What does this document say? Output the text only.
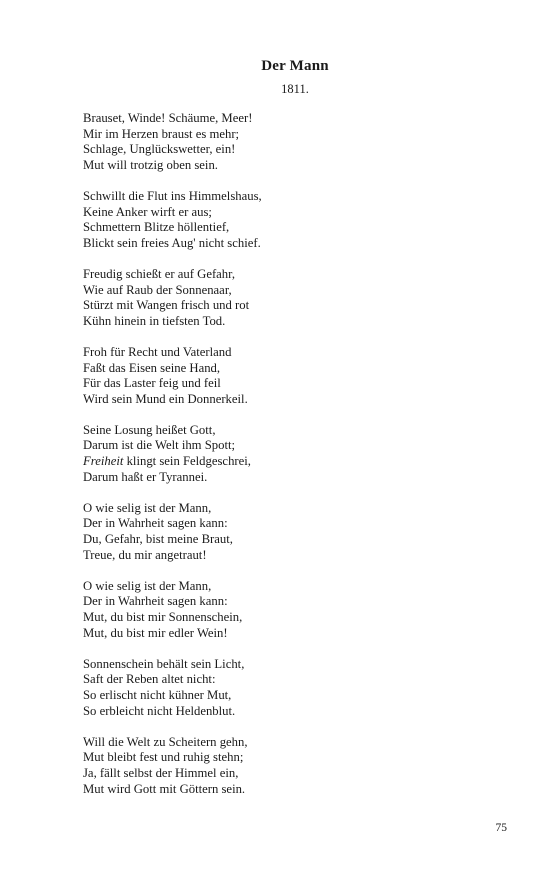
Der Mann
1811.
Brauset, Winde! Schäume, Meer!
Mir im Herzen braust es mehr;
Schlage, Unglückswetter, ein!
Mut will trotzig oben sein.
Schwillt die Flut ins Himmelshaus,
Keine Anker wirft er aus;
Schmettern Blitze höllentief,
Blickt sein freies Aug' nicht schief.
Freudig schießt er auf Gefahr,
Wie auf Raub der Sonnenaar,
Stürzt mit Wangen frisch und rot
Kühn hinein in tiefsten Tod.
Froh für Recht und Vaterland
Faßt das Eisen seine Hand,
Für das Laster feig und feil
Wird sein Mund ein Donnerkeil.
Seine Losung heißet Gott,
Darum ist die Welt ihm Spott;
Freiheit klingt sein Feldgeschrei,
Darum haßt er Tyrannei.
O wie selig ist der Mann,
Der in Wahrheit sagen kann:
Du, Gefahr, bist meine Braut,
Treue, du mir angetraut!
O wie selig ist der Mann,
Der in Wahrheit sagen kann:
Mut, du bist mir Sonnenschein,
Mut, du bist mir edler Wein!
Sonnenschein behält sein Licht,
Saft der Reben altet nicht:
So erlischt nicht kühner Mut,
So erbleicht nicht Heldenblut.
Will die Welt zu Scheitern gehn,
Mut bleibt fest und ruhig stehn;
Ja, fällt selbst der Himmel ein,
Mut wird Gott mit Göttern sein.
75
